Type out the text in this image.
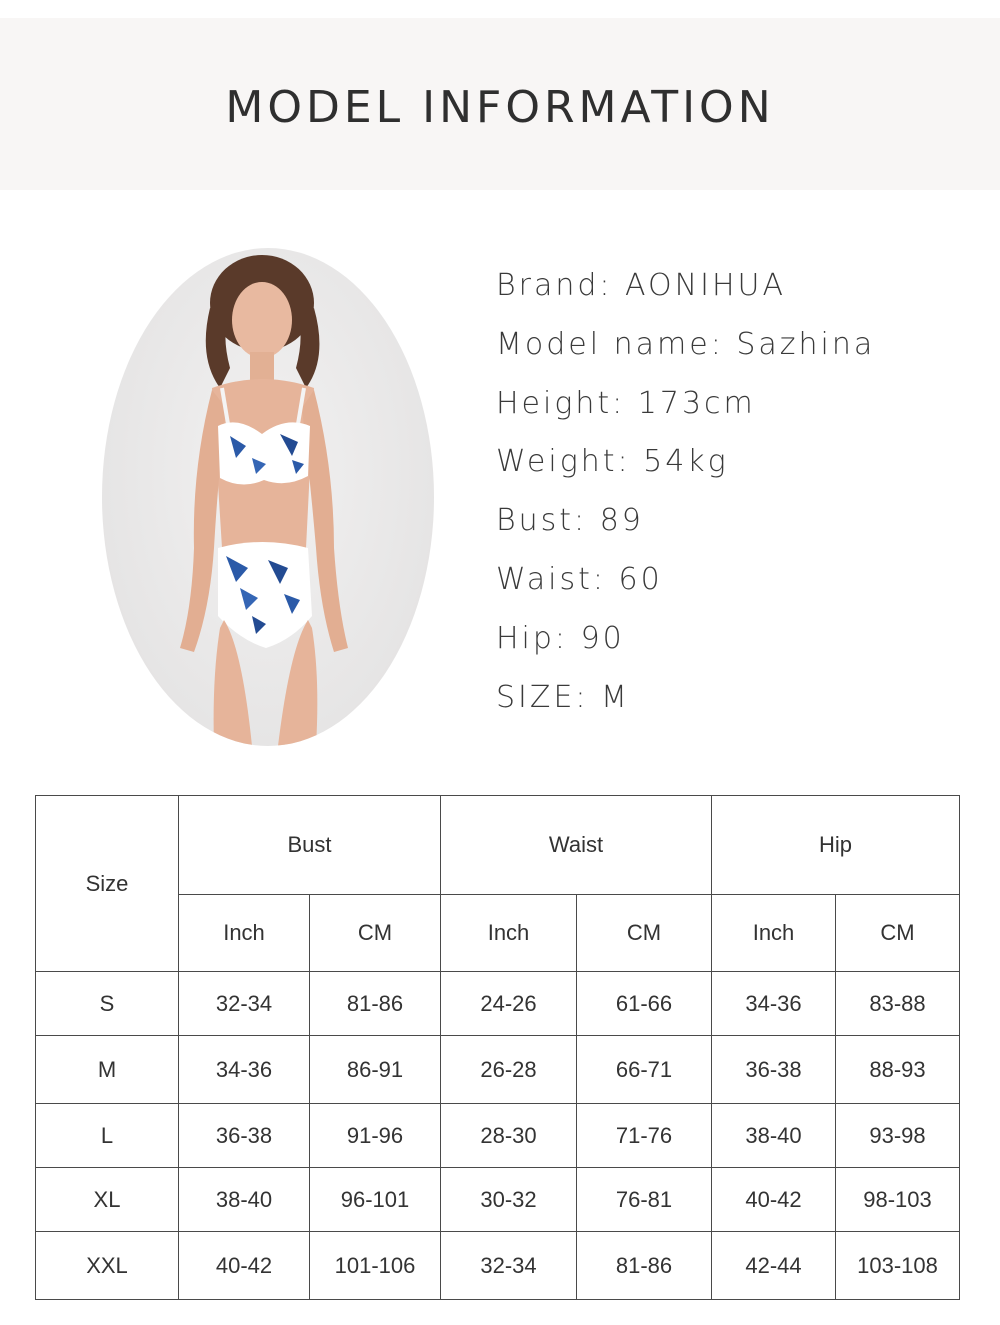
MODEL INFORMATION
Brand: AONIHUA
Model name: Sazhina
Height: 173cm
Weight: 54kg
Bust: 89
Waist: 60
Hip: 90
SIZE: M
Size	Bust		Waist		Hip	
	Inch	CM	Inch	CM	Inch	CM
S	32-34	81-86	24-26	61-66	34-36	83-88
M	34-36	86-91	26-28	66-71	36-38	88-93
L	36-38	91-96	28-30	71-76	38-40	93-98
XL	38-40	96-101	30-32	76-81	40-42	98-103
XXL	40-42	101-106	32-34	81-86	42-44	103-108
